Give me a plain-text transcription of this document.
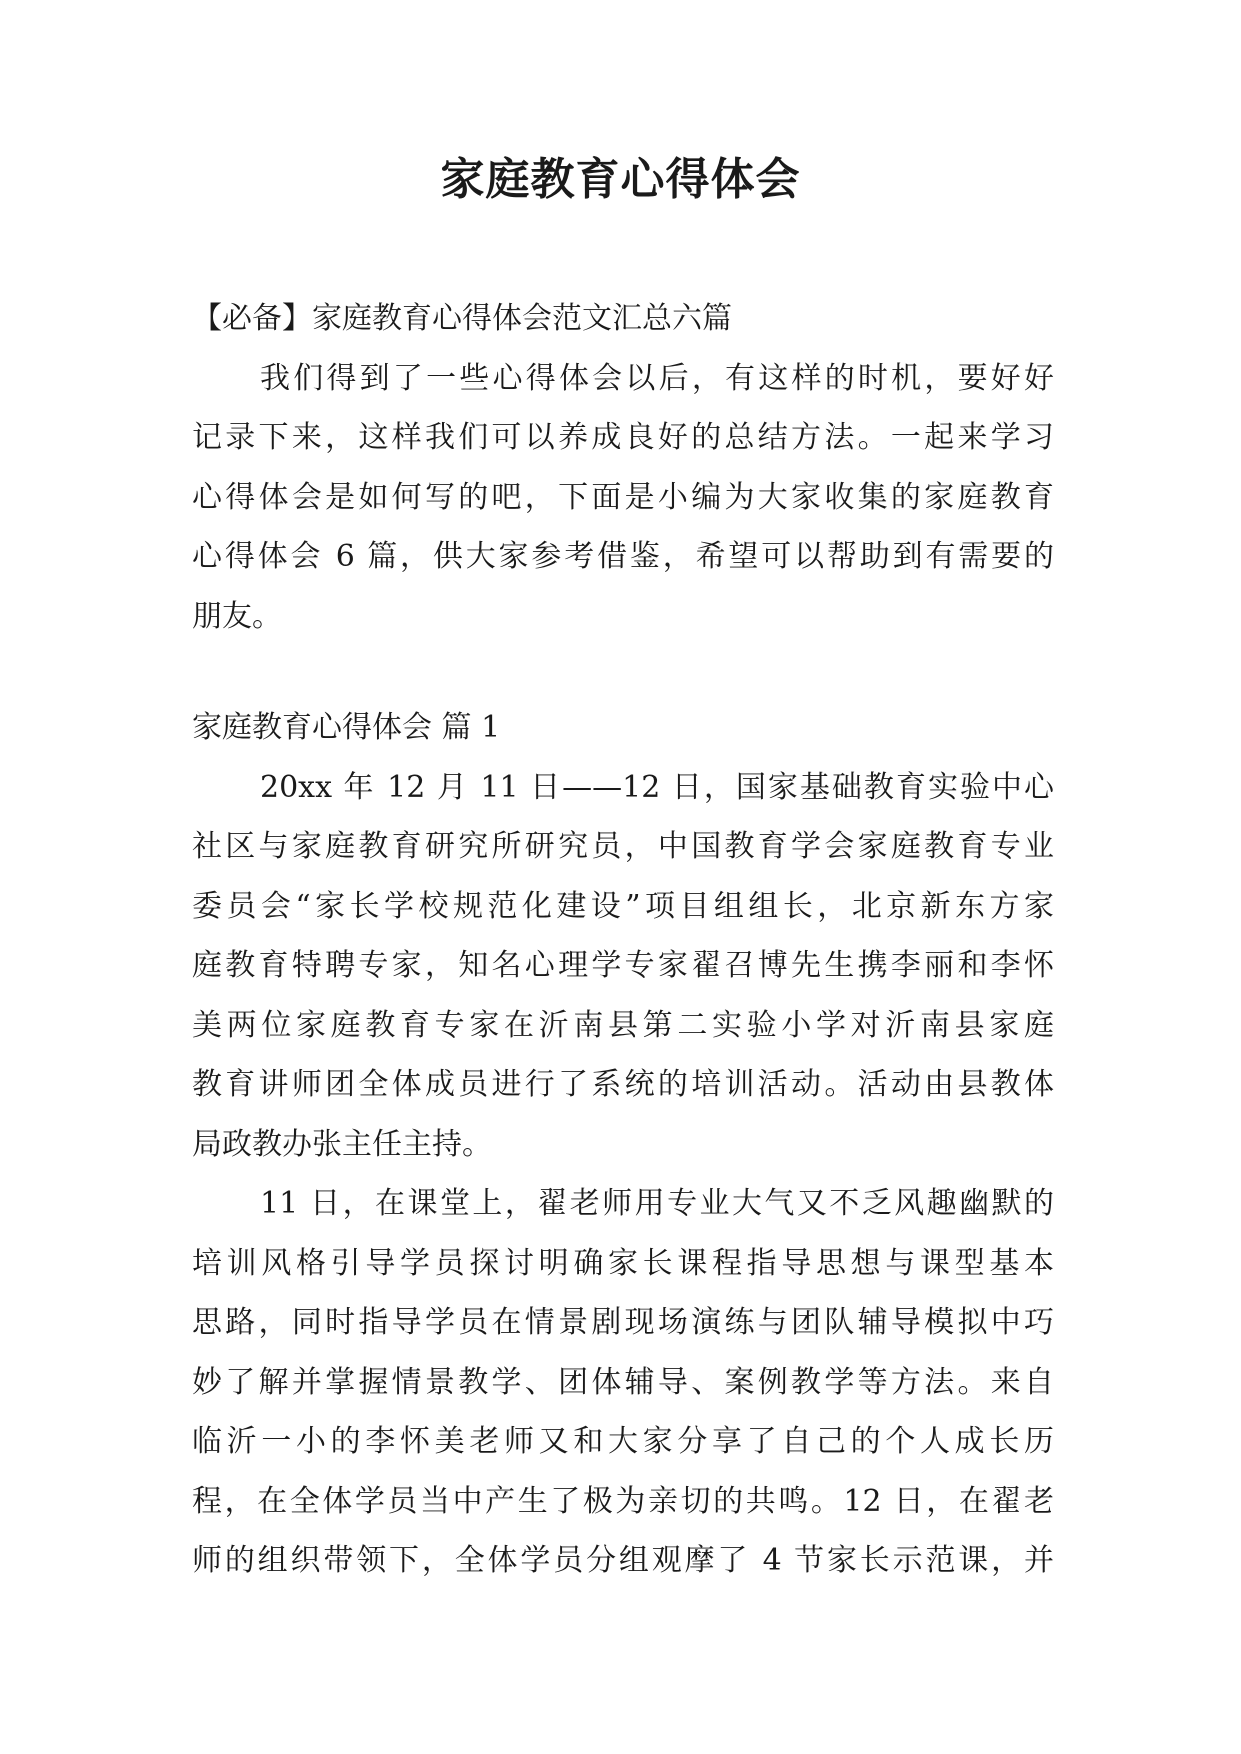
家庭教育心得体会
【必备】家庭教育心得体会范文汇总六篇
我们得到了一些心得体会以后，有这样的时机，要好好
记录下来，这样我们可以养成良好的总结方法。一起来学习
心得体会是如何写的吧，下面是小编为大家收集的家庭教育
心得体会 6 篇，供大家参考借鉴，希望可以帮助到有需要的
朋友。
家庭教育心得体会 篇 1
20xx 年 12 月 11 日——12 日，国家基础教育实验中心
社区与家庭教育研究所研究员，中国教育学会家庭教育专业
委员会“家长学校规范化建设”项目组组长，北京新东方家
庭教育特聘专家，知名心理学专家翟召博先生携李丽和李怀
美两位家庭教育专家在沂南县第二实验小学对沂南县家庭
教育讲师团全体成员进行了系统的培训活动。活动由县教体
局政教办张主任主持。
11 日，在课堂上，翟老师用专业大气又不乏风趣幽默的
培训风格引导学员探讨明确家长课程指导思想与课型基本
思路，同时指导学员在情景剧现场演练与团队辅导模拟中巧
妙了解并掌握情景教学、团体辅导、案例教学等方法。来自
临沂一小的李怀美老师又和大家分享了自己的个人成长历
程，在全体学员当中产生了极为亲切的共鸣。12 日，在翟老
师的组织带领下，全体学员分组观摩了 4 节家长示范课，并
